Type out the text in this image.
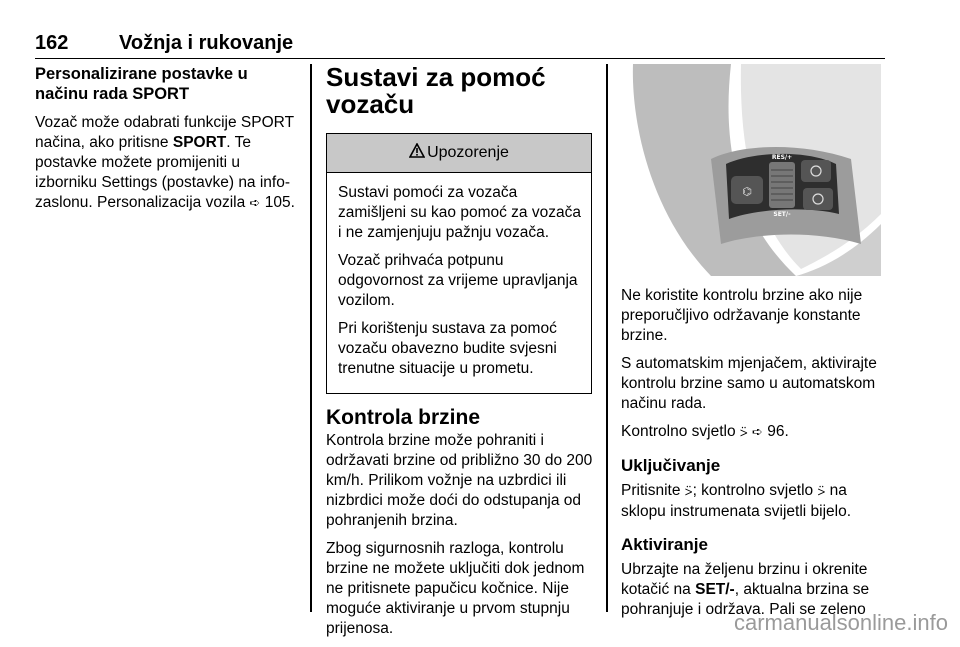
162	Vožnja i rukovanje
Personalizirane postavke u načinu rada SPORT

Vozač može odabrati funkcije SPORT načina, ako pritisne SPORT. Te postavke možete promijeniti u izborniku Settings (postavke) na info-zaslonu. Personalizacija vozila ➪ 105.

Sustavi za pomoć vozaču
Upozorenje

Sustavi pomoći za vozača zamišljeni su kao pomoć za vozača i ne zamjenjuju pažnju vozača.

Vozač prihvaća potpunu odgovornost za vrijeme upravljanja vozilom.

Pri korištenju sustava za pomoć vozaču obavezno budite svjesni trenutne situacije u prometu.

Kontrola brzine

Kontrola brzine može pohraniti i održavati brzine od približno 30 do 200 km/h. Prilikom vožnje na uzbrdici ili nizbrdici može doći do odstupanja od pohranjenih brzina.

Zbog sigurnosnih razloga, kontrolu brzine ne možete uključiti dok jednom ne pritisnete papučicu kočnice. Nije moguće aktiviranje u prvom stupnju prijenosa.

⌬
RES/+
SET/-

Ne koristite kontrolu brzine ako nije preporučljivo održavanje konstante brzine.

S automatskim mjenjačem, aktivirajte kontrolu brzine samo u automatskom načinu rada.

Kontrolno svjetlo ⍩ ➪ 96.

Uključivanje

Pritisnite ⍩; kontrolno svjetlo ⍩ na sklopu instrumenata svijetli bijelo.

Aktiviranje

Ubrzajte na željenu brzinu i okrenite kotačić na SET/-, aktualna brzina se pohranjuje i održava. Pali se zeleno

carmanualsonline.info
